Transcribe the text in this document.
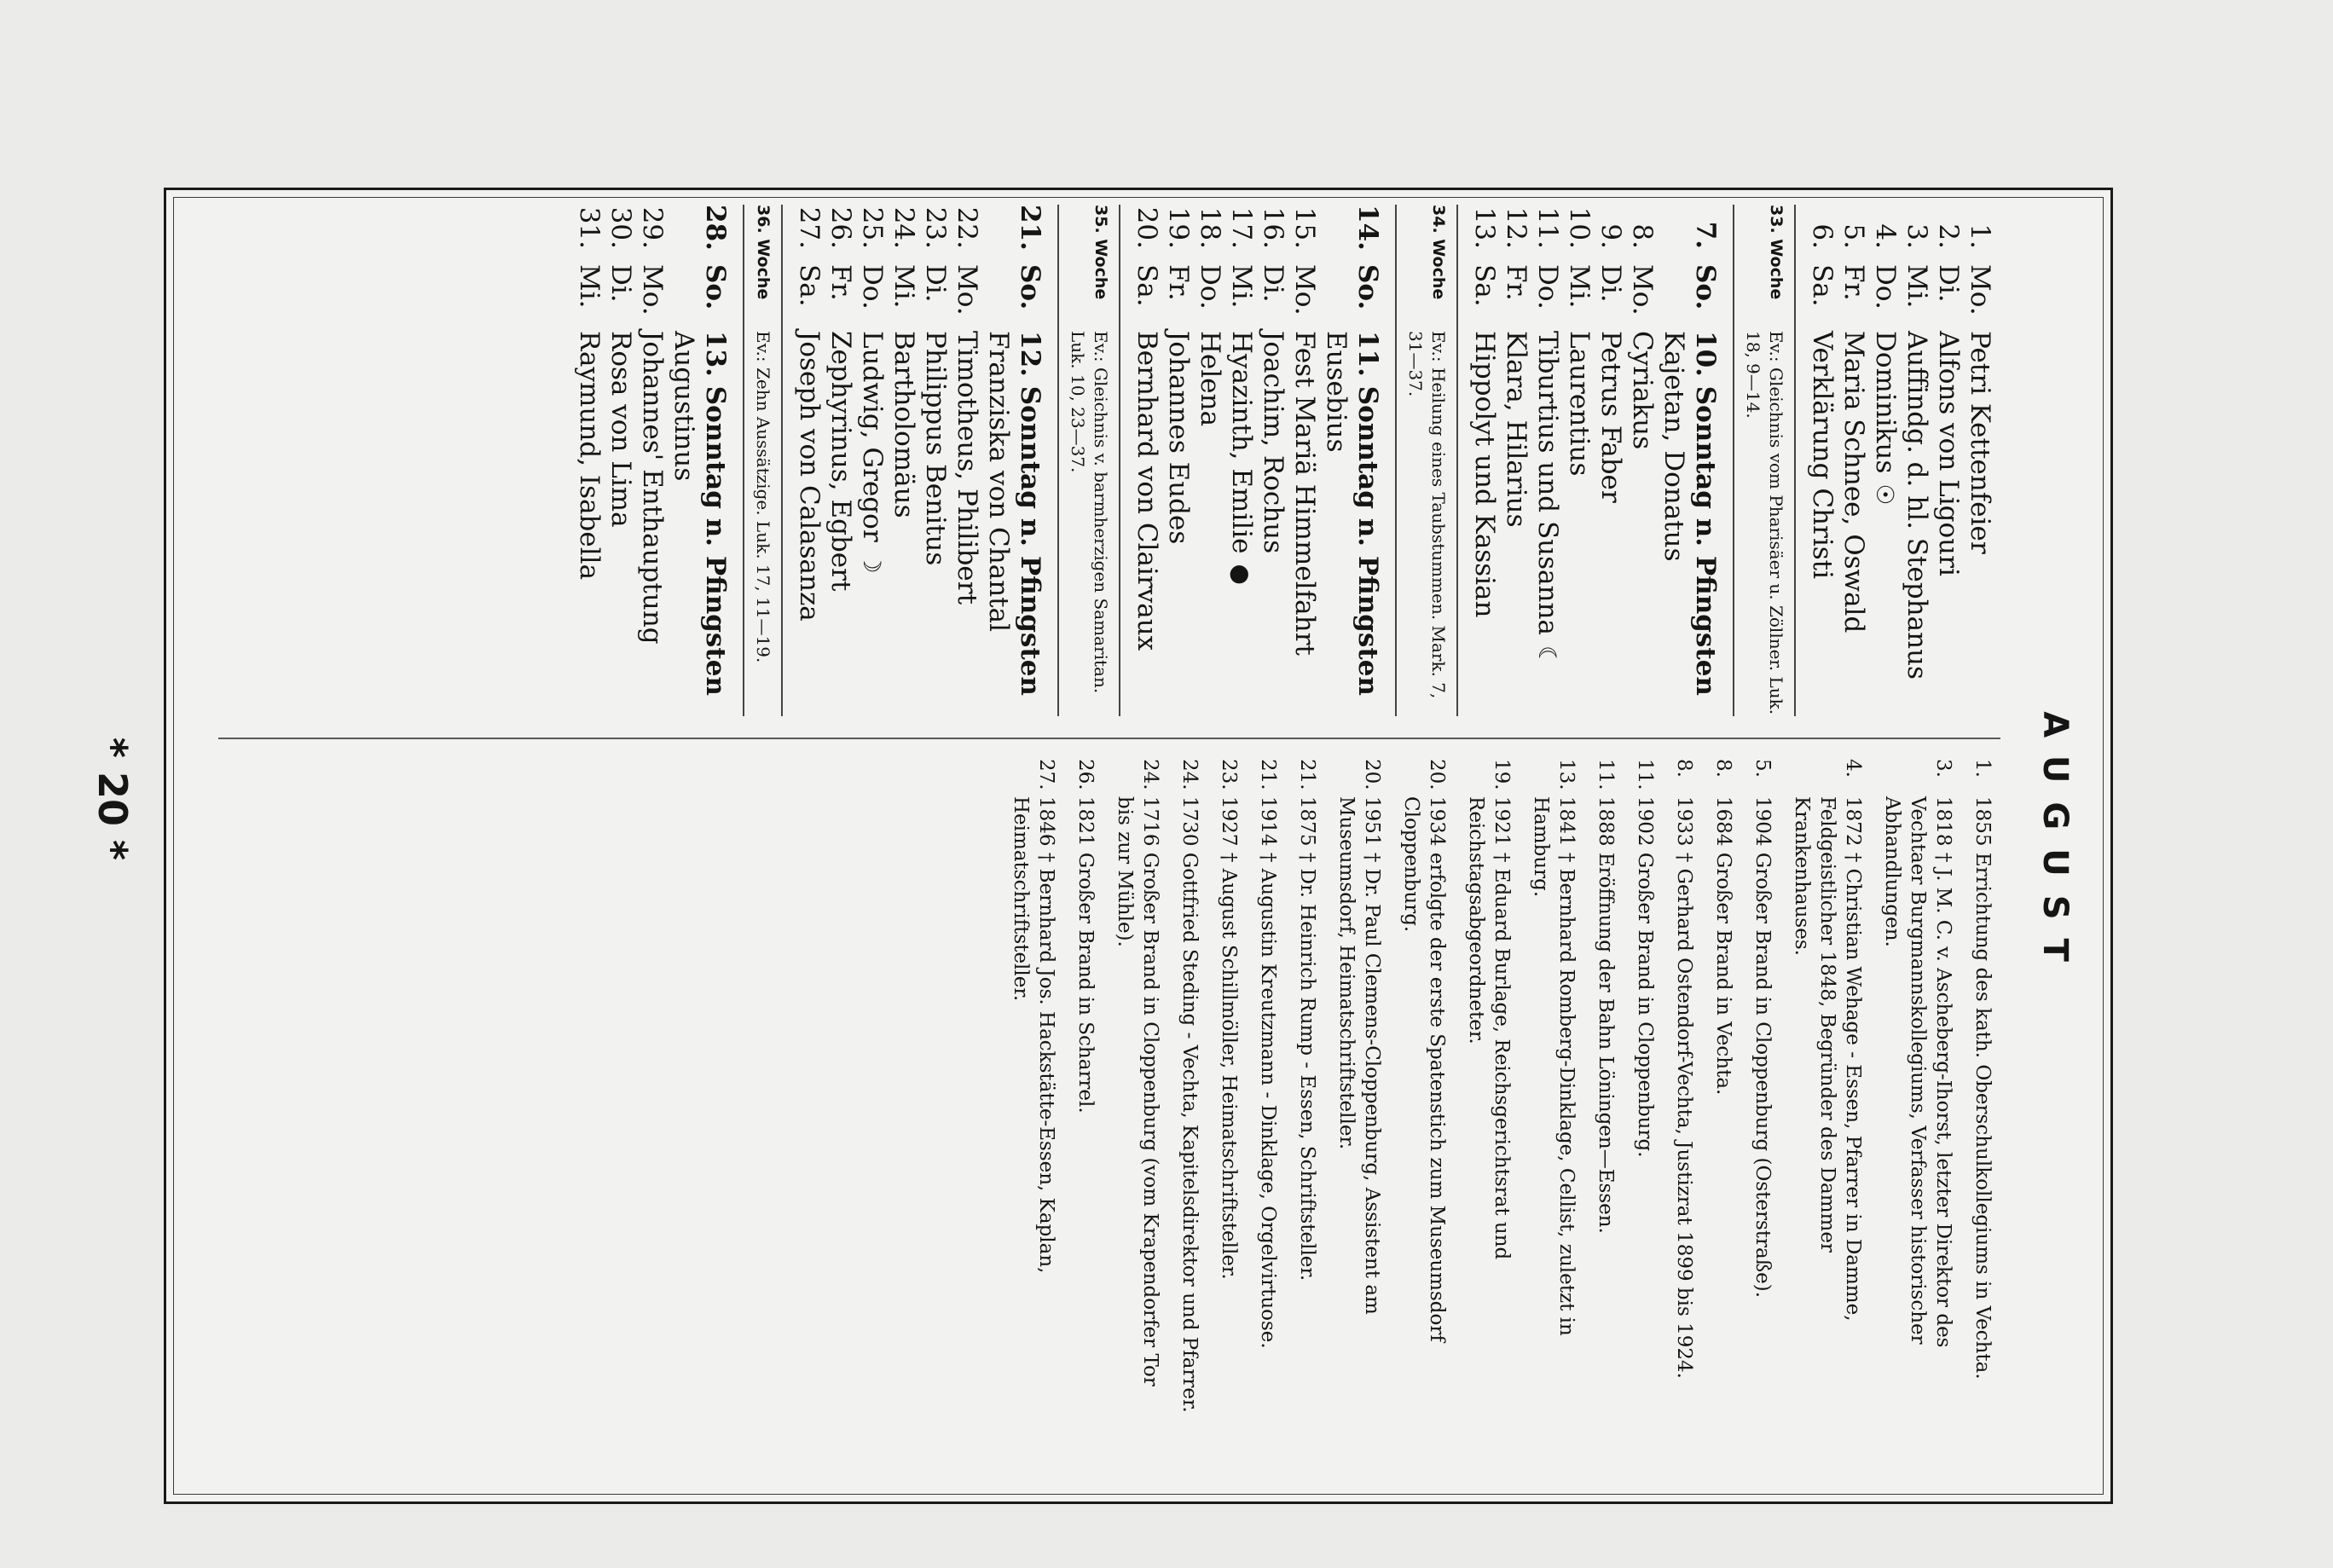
AUGUST
1.
Mo.
Petri Kettenfeier
2.
Di.
Alfons von Ligouri
3.
Mi.
Auffindg. d. hl. Stephanus
4.
Do.
Dominikus☉
5.
Fr.
Maria Schnee, Oswald
6.
Sa.
Verklärung Christi
33. Woche
Ev.: Gleichnis vom Pharisäer u. Zöllner. Luk. 18, 9—14.
7.
So.
10. Sonntag n. Pfingsten
Kajetan, Donatus
8.
Mo.
Cyriakus
9.
Di.
Petrus Faber
10.
Mi.
Laurentius
11.
Do.
Tiburtius und Susanna☾
12.
Fr.
Klara, Hilarius
13.
Sa.
Hippolyt und Kassian
34. Woche
Ev.: Heilung eines Taubstummen. Mark. 7, 31—37.
14.
So.
11. Sonntag n. Pfingsten
Eusebius
15.
Mo.
Fest Mariä Himmelfahrt
16.
Di.
Joachim, Rochus
17.
Mi.
Hyazinth, Emilie●
18.
Do.
Helena
19.
Fr.
Johannes Eudes
20.
Sa.
Bernhard von Clairvaux
35. Woche
Ev.: Gleichnis v. barmherzigen Samaritan. Luk. 10, 23—37.
21.
So.
12. Sonntag n. Pfingsten
Franziska von Chantal
22.
Mo.
Timotheus, Philibert
23.
Di.
Philippus Benitus
24.
Mi.
Bartholomäus
25.
Do.
Ludwig, Gregor☽
26.
Fr.
Zephyrinus, Egbert
27.
Sa.
Joseph von Calasanza
36. Woche
Ev.: Zehn Aussätzige. Luk. 17, 11—19.
28.
So.
13. Sonntag n. Pfingsten
Augustinus
29.
Mo.
Johannes' Enthauptung
30.
Di.
Rosa von Lima
31.
Mi.
Raymund, Isabella
1.
1855 Errichtung des kath. Oberschulkollegiums in Vechta.
3.
1818 † J. M. C. v. Ascheberg-Ihorst, letzter Direktor des Vechtaer Burgmannskollegiums, Verfasser historischer Abhandlungen.
4.
1872 † Christian Wehage - Essen, Pfarrer in Damme, Feldgeistlicher 1848, Begründer des Dammer Krankenhauses.
5.
1904 Großer Brand in Cloppenburg (Osterstraße).
8.
1684 Großer Brand in Vechta.
8.
1933 † Gerhard Ostendorf-Vechta, Justizrat 1899 bis 1924.
11.
1902 Großer Brand in Cloppenburg.
11.
1888 Eröffnung der Bahn Löningen—Essen.
13.
1841 † Bernhard Romberg-Dinklage, Cellist, zuletzt in Hamburg.
19.
1921 † Eduard Burlage, Reichsgerichtsrat und Reichstagsabgeordneter.
20.
1934 erfolgte der erste Spatenstich zum Museumsdorf Cloppenburg.
20.
1951 † Dr. Paul Clemens-Cloppenburg, Assistent am Museumsdorf, Heimatschriftsteller.
21.
1875 † Dr. Heinrich Rump - Essen, Schriftsteller.
21.
1914 † Augustin Kreutzmann - Dinklage, Orgelvirtuose.
23.
1927 † August Schillmöller, Heimatschriftsteller.
24.
1730 Gottfried Steding - Vechta, Kapitelsdirektor und Pfarrer.
24.
1716 Großer Brand in Cloppenburg (vom Krapendorfer Tor bis zur Mühle).
26.
1821 Großer Brand in Scharrel.
27.
1846 † Bernhard Jos. Hackstätte-Essen, Kaplan, Heimatschriftsteller.
* 20 *
